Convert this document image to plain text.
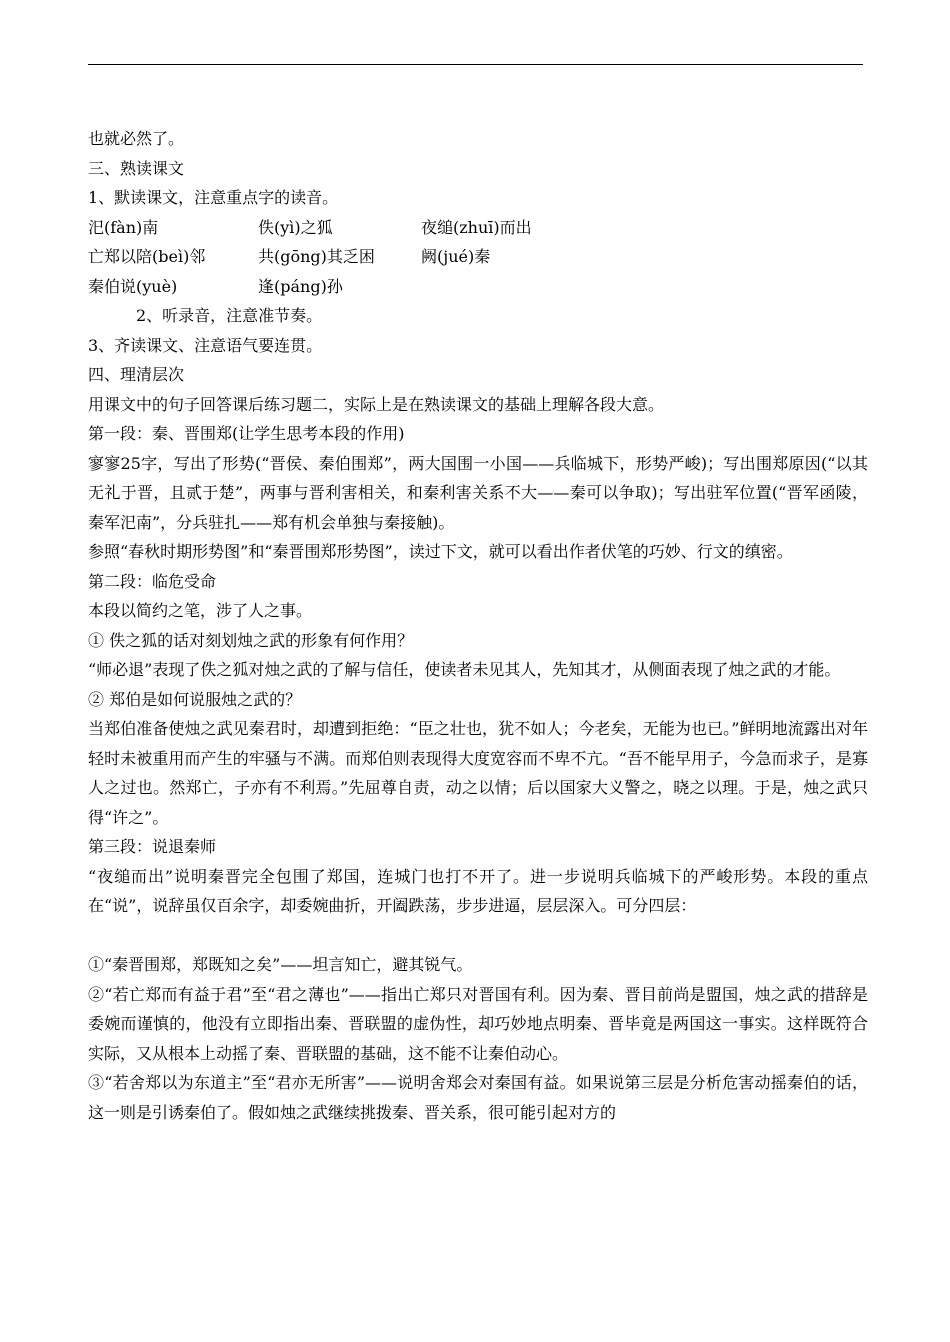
也就必然了。
三、熟读课文
1、默读课文，注意重点字的读音。
汜(fàn)南	佚(yì)之狐	夜缒(zhuī)而出
亡郑以陪(beì)邻	共(gōng)其乏困	阙(jué)秦
秦伯说(yuè)	逢(páng)孙
2、听录音，注意准节奏。
3、齐读课文、注意语气要连贯。
四、理清层次
用课文中的句子回答课后练习题二，实际上是在熟读课文的基础上理解各段大意。
第一段：秦、晋围郑(让学生思考本段的作用)
寥寥25字，写出了形势(“晋侯、秦伯围郑”，两大国围一小国——兵临城下，形势严峻)；写出围郑原因(“以其无礼于晋，且贰于楚”，两事与晋利害相关，和秦利害关系不大——秦可以争取)；写出驻军位置(“晋军函陵，秦军汜南”，分兵驻扎——郑有机会单独与秦接触)。
参照“春秋时期形势图”和“秦晋围郑形势图”，读过下文，就可以看出作者伏笔的巧妙、行文的缜密。
第二段：临危受命
本段以简约之笔，涉了人之事。
① 佚之狐的话对刻划烛之武的形象有何作用？
“师必退”表现了佚之狐对烛之武的了解与信任，使读者未见其人，先知其才，从侧面表现了烛之武的才能。
② 郑伯是如何说服烛之武的？
当郑伯准备使烛之武见秦君时，却遭到拒绝：“臣之壮也，犹不如人；今老矣，无能为也已。”鲜明地流露出对年轻时未被重用而产生的牢骚与不满。而郑伯则表现得大度宽容而不卑不亢。“吾不能早用子，今急而求子，是寡人之过也。然郑亡，子亦有不利焉。”先屈尊自责，动之以情；后以国家大义警之，晓之以理。于是，烛之武只得“许之”。
第三段：说退秦师
“夜缒而出”说明秦晋完全包围了郑国，连城门也打不开了。进一步说明兵临城下的严峻形势。本段的重点在“说”，说辞虽仅百余字，却委婉曲折，开阖跌荡，步步进逼，层层深入。可分四层：
①“秦晋围郑，郑既知之矣”——坦言知亡，避其锐气。
②“若亡郑而有益于君”至“君之薄也”——指出亡郑只对晋国有利。因为秦、晋目前尚是盟国，烛之武的措辞是委婉而谨慎的，他没有立即指出秦、晋联盟的虚伪性，却巧妙地点明秦、晋毕竟是两国这一事实。这样既符合实际，又从根本上动摇了秦、晋联盟的基础，这不能不让秦伯动心。
③“若舍郑以为东道主”至“君亦无所害”——说明舍郑会对秦国有益。如果说第三层是分析危害动摇秦伯的话，这一则是引诱秦伯了。假如烛之武继续挑拨秦、晋关系，很可能引起对方的
